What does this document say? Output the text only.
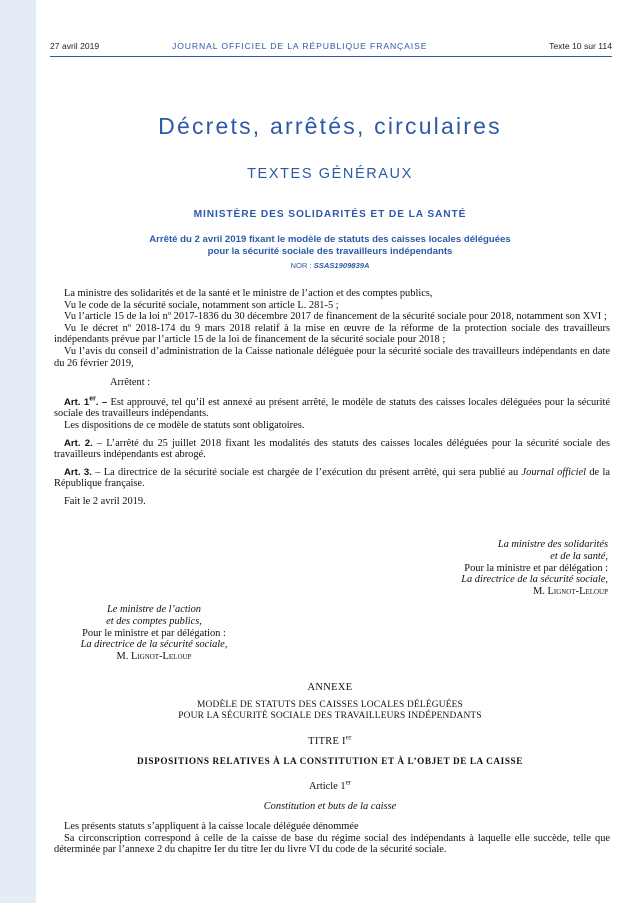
27 avril 2019	JOURNAL OFFICIEL DE LA RÉPUBLIQUE FRANÇAISE	Texte 10 sur 114
Décrets, arrêtés, circulaires
TEXTES GÉNÉRAUX
MINISTÈRE DES SOLIDARITÉS ET DE LA SANTÉ
Arrêté du 2 avril 2019 fixant le modèle de statuts des caisses locales déléguées
pour la sécurité sociale des travailleurs indépendants
NOR : SSAS1909839A

La ministre des solidarités et de la santé et le ministre de l’action et des comptes publics,

Vu le code de la sécurité sociale, notamment son article L. 281-5 ;

Vu l’article 15 de la loi nº 2017-1836 du 30 décembre 2017 de financement de la sécurité sociale pour 2018, notamment son XVI ;

Vu le décret nº 2018-174 du 9 mars 2018 relatif à la mise en œuvre de la réforme de la protection sociale des travailleurs indépendants prévue par l’article 15 de la loi de financement de la sécurité sociale pour 2018 ;

Vu l’avis du conseil d’administration de la Caisse nationale déléguée pour la sécurité sociale des travailleurs indépendants en date du 26 février 2019,

Arrêtent :

Art. 1er. – Est approuvé, tel qu’il est annexé au présent arrêté, le modèle de statuts des caisses locales déléguées pour la sécurité sociale des travailleurs indépendants.

Les dispositions de ce modèle de statuts sont obligatoires.

Art. 2. – L’arrêté du 25 juillet 2018 fixant les modalités des statuts des caisses locales déléguées pour la sécurité sociale des travailleurs indépendants est abrogé.

Art. 3. – La directrice de la sécurité sociale est chargée de l’exécution du présent arrêté, qui sera publié au Journal officiel de la République française.

Fait le 2 avril 2019.

La ministre des solidarités
et de la santé,
Pour la ministre et par délégation :
La directrice de la sécurité sociale,
M. Lignot-Leloup
Le ministre de l’action
et des comptes publics,
Pour le ministre et par délégation :
La directrice de la sécurité sociale,
M. Lignot-Leloup
ANNEXE
MODÈLE DE STATUTS DES CAISSES LOCALES DÉLÉGUÉES
POUR LA SÉCURITÉ SOCIALE DES TRAVAILLEURS INDÉPENDANTS
TITRE Ier
DISPOSITIONS RELATIVES À LA CONSTITUTION ET À L’OBJET DE LA CAISSE
Article 1er
Constitution et buts de la caisse

Les présents statuts s’appliquent à la caisse locale déléguée dénommée

Sa circonscription correspond à celle de la caisse de base du régime social des indépendants à laquelle elle succède, telle que déterminée par l’annexe 2 du chapitre Ier du titre Ier du livre VI du code de la sécurité sociale.
